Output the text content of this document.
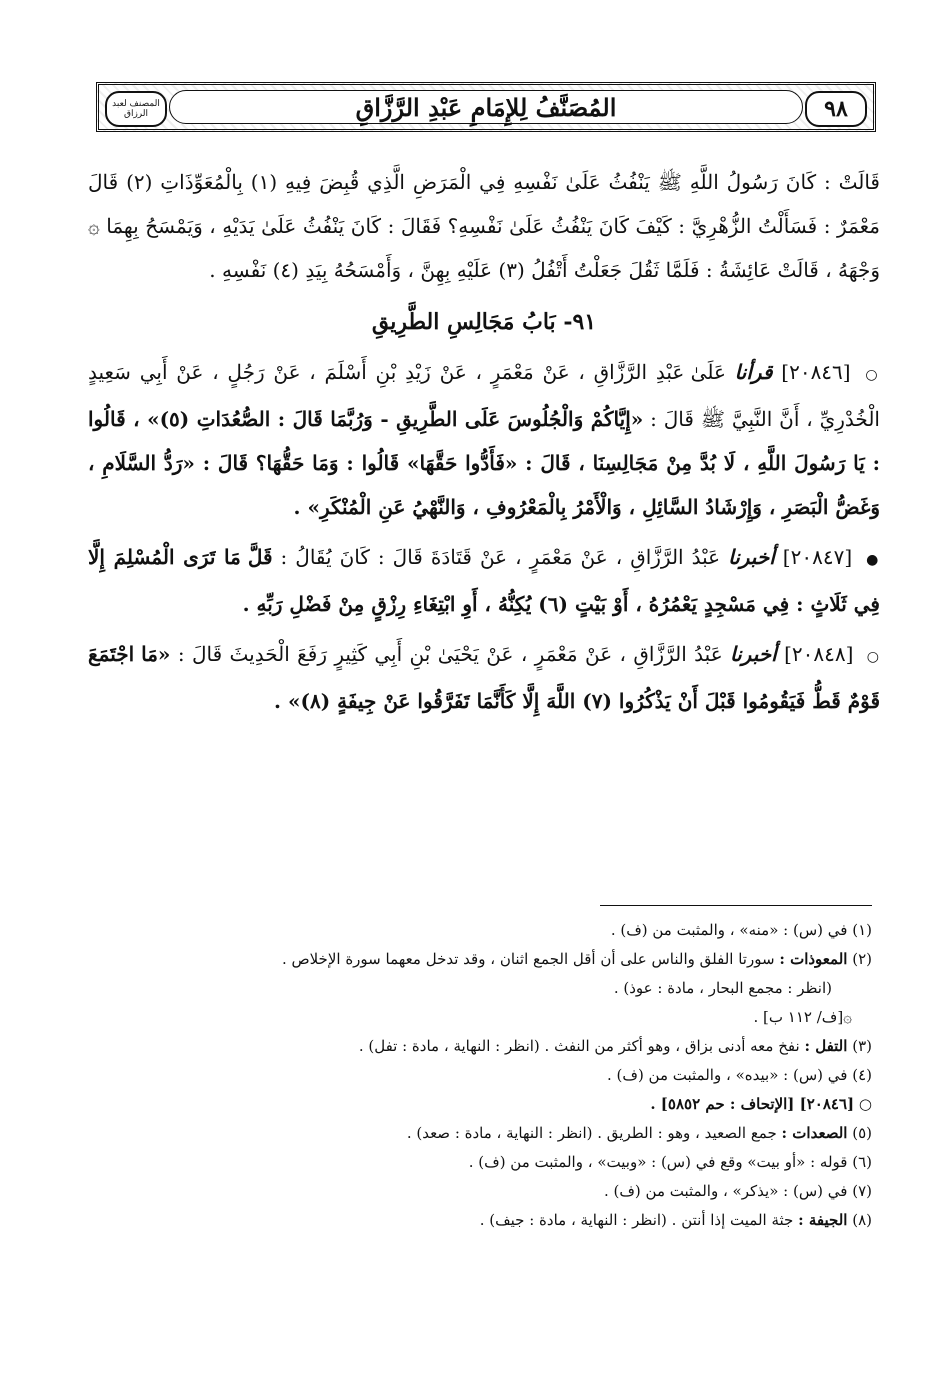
المصنف لعبد الرزاق	المُصَنَّفُ لِلإِمَامِ عَبْدِ الرَّزَّاقِ	٩٨

قَالَتْ : كَانَ رَسُولُ اللَّهِ ﷺ يَنْفُثُ عَلَىٰ نَفْسِهِ فِي الْمَرَضِ الَّذِي قُبِضَ فِيهِ (١) بِالْمُعَوِّذَاتِ (٢) قَالَ مَعْمَرٌ : فَسَأَلْتُ الزُّهْرِيَّ : كَيْفَ كَانَ يَنْفُثُ عَلَىٰ نَفْسِهِ؟ فَقَالَ : كَانَ يَنْفُثُ عَلَىٰ يَدَيْهِ ، وَيَمْسَحُ بِهِمَا ۞ وَجْهَهُ ، قَالَتْ عَائِشَةُ : فَلَمَّا ثَقُلَ جَعَلْتُ أَتْفُلُ (٣) عَلَيْهِ بِهِنَّ ، وَأَمْسَحُهُ بِيَدِ (٤) نَفْسِهِ .

٩١- بَابُ مَجَالِسِ الطَّرِيقِ

○ [٢٠٨٤٦] قرأنا عَلَىٰ عَبْدِ الرَّزَّاقِ ، عَنْ مَعْمَرٍ ، عَنْ زَيْدِ بْنِ أَسْلَمَ ، عَنْ رَجُلٍ ، عَنْ أَبِي سَعِيدٍ الْخُدْرِيِّ ، أَنَّ النَّبِيَّ ﷺ قَالَ : «إِيَّاكُمْ وَالْجُلُوسَ عَلَى الطَّرِيقِ - وَرُبَّمَا قَالَ : الصُّعُدَاتِ (٥)» ، قَالُوا : يَا رَسُولَ اللَّهِ ، لَا بُدَّ مِنْ مَجَالِسِنَا ، قَالَ : «فَأَدُّوا حَقَّهَا» قَالُوا : وَمَا حَقُّهَا؟ قَالَ : «رَدُّ السَّلَامِ ، وَغَضُّ الْبَصَرِ ، وَإِرْشَادُ السَّائِلِ ، وَالْأَمْرُ بِالْمَعْرُوفِ ، وَالنَّهْيُ عَنِ الْمُنْكَرِ» .

● [٢٠٨٤٧] أخبرنا عَبْدُ الرَّزَّاقِ ، عَنْ مَعْمَرٍ ، عَنْ قَتَادَةَ قَالَ : كَانَ يُقَالُ : قَلَّ مَا تَرَى الْمُسْلِمَ إِلَّا فِي ثَلَاثٍ : فِي مَسْجِدٍ يَعْمُرُهُ ، أَوْ بَيْتٍ (٦) يُكِنُّهُ ، أَوِ ابْتِغَاءِ رِزْقٍ مِنْ فَضْلِ رَبِّهِ .

○ [٢٠٨٤٨] أخبرنا عَبْدُ الرَّزَّاقِ ، عَنْ مَعْمَرٍ ، عَنْ يَحْيَىٰ بْنِ أَبِي كَثِيرٍ رَفَعَ الْحَدِيثَ قَالَ : «مَا اجْتَمَعَ قَوْمٌ قَطُّ فَيَقُومُوا قَبْلَ أَنْ يَذْكُرُوا (٧) اللَّهَ إِلَّا كَأَنَّمَا تَفَرَّقُوا عَنْ جِيفَةٍ (٨)» .

(١) في (س) : «منه» ، والمثبت من (ف) .

(٢) المعوذات : سورتا الفلق والناس على أن أقل الجمع اثنان ، وقد تدخل معهما سورة الإخلاص .

(انظر : مجمع البحار ، مادة : عوذ) .

۞[ف/ ١١٢ ب] .

(٣) التفل : نفخ معه أدنى بزاق ، وهو أكثر من النفث . (انظر : النهاية ، مادة : تفل) .

(٤) في (س) : «بيده» ، والمثبت من (ف) .

○ [٢٠٨٤٦] [الإتحاف : حم ٥٨٥٢] .

(٥) الصعدات : جمع الصعيد ، وهو : الطريق . (انظر : النهاية ، مادة : صعد) .

(٦) قوله : «أو بيت» وقع في (س) : «وبيت» ، والمثبت من (ف) .

(٧) في (س) : «يذكر» ، والمثبت من (ف) .

(٨) الجيفة : جثة الميت إذا أنتن . (انظر : النهاية ، مادة : جيف) .
